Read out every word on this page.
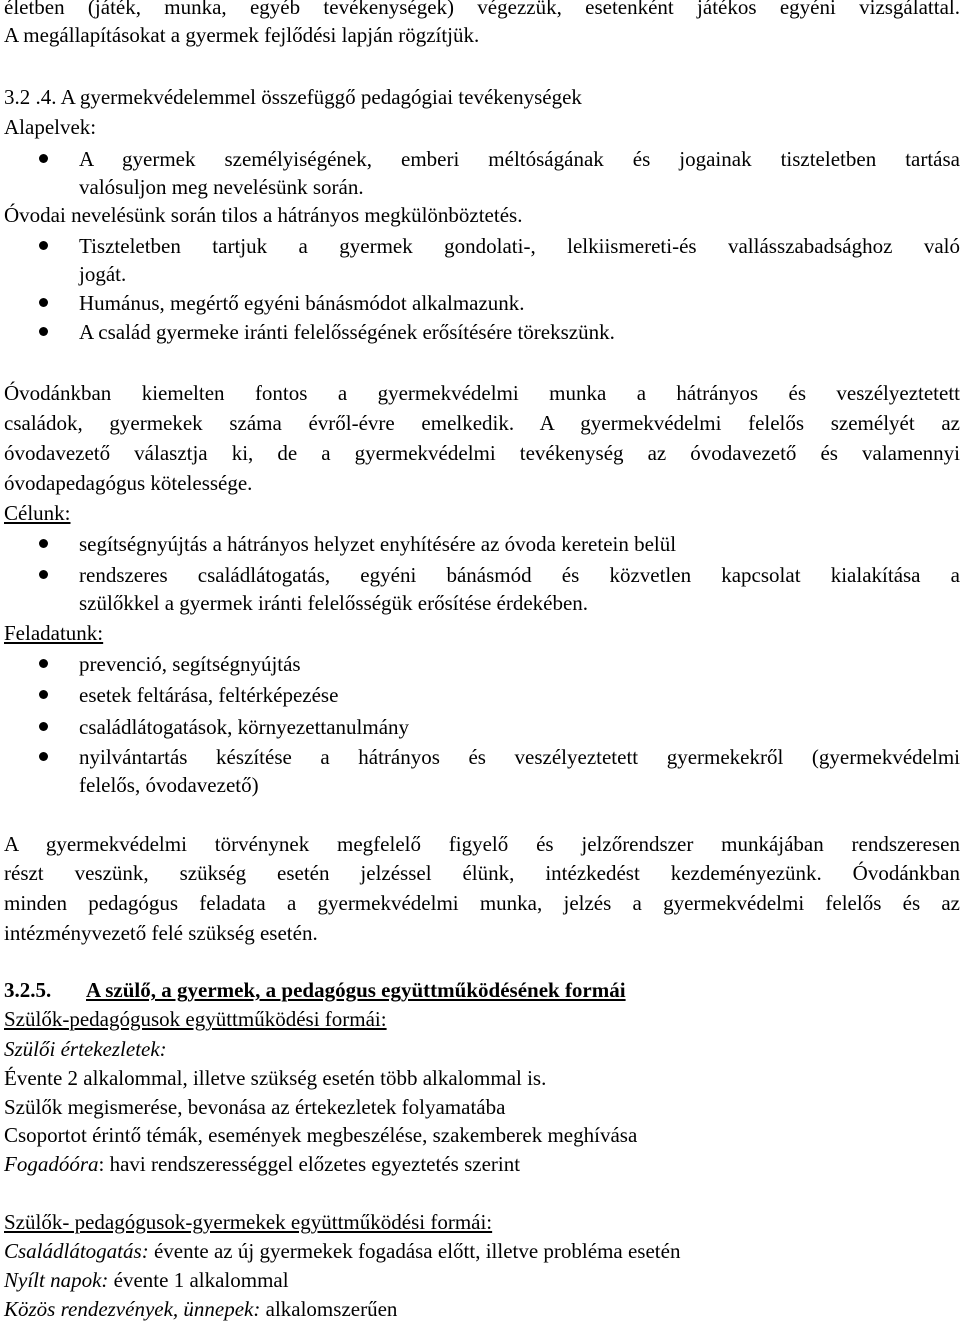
életben (játék, munka, egyéb tevékenységek) végezzük, esetenként játékos egyéni vizsgálattal.
A megállapításokat a gyermek fejlődési lapján rögzítjük.
3.2 .4. A gyermekvédelemmel összefüggő pedagógiai tevékenységek
Alapelvek:
A gyermek személyiségének, emberi méltóságának és jogainak tiszteletben tartása
valósuljon meg nevelésünk során.
Óvodai nevelésünk során tilos a hátrányos megkülönböztetés.
Tiszteletben tartjuk a gyermek gondolati-, lelkiismereti-és vallásszabadsághoz való
jogát.
Humánus, megértő egyéni bánásmódot alkalmazunk.
A család gyermeke iránti felelősségének erősítésére törekszünk.
Óvodánkban kiemelten fontos a gyermekvédelmi munka a hátrányos és veszélyeztetett
családok, gyermekek száma évről-évre emelkedik. A gyermekvédelmi felelős személyét az
óvodavezető választja ki, de a gyermekvédelmi tevékenység az óvodavezető és valamennyi
óvodapedagógus kötelessége.
Célunk:
segítségnyújtás a hátrányos helyzet enyhítésére az óvoda keretein belül
rendszeres családlátogatás, egyéni bánásmód és közvetlen kapcsolat kialakítása a
szülőkkel a gyermek iránti felelősségük erősítése érdekében.
Feladatunk:
prevenció, segítségnyújtás
esetek feltárása, feltérképezése
családlátogatások, környezettanulmány
nyilvántartás készítése a hátrányos és veszélyeztetett gyermekekről (gyermekvédelmi
felelős, óvodavezető)
A gyermekvédelmi törvénynek megfelelő figyelő és jelzőrendszer munkájában rendszeresen
részt veszünk, szükség esetén jelzéssel élünk, intézkedést kezdeményezünk. Óvodánkban
minden pedagógus feladata a gyermekvédelmi munka, jelzés a gyermekvédelmi felelős és az
intézményvezető felé szükség esetén.
3.2.5. A szülő, a gyermek, a pedagógus együttműködésének formái
Szülők-pedagógusok együttműködési formái:
Szülői értekezletek:
Évente 2 alkalommal, illetve szükség esetén több alkalommal is.
Szülők megismerése, bevonása az értekezletek folyamatába
Csoportot érintő témák, események megbeszélése, szakemberek meghívása
Fogadóóra: havi rendszerességgel előzetes egyeztetés szerint
Szülők- pedagógusok-gyermekek együttműködési formái:
Családlátogatás: évente az új gyermekek fogadása előtt, illetve probléma esetén
Nyílt napok: évente 1 alkalommal
Közös rendezvények, ünnepek: alkalomszerűen
